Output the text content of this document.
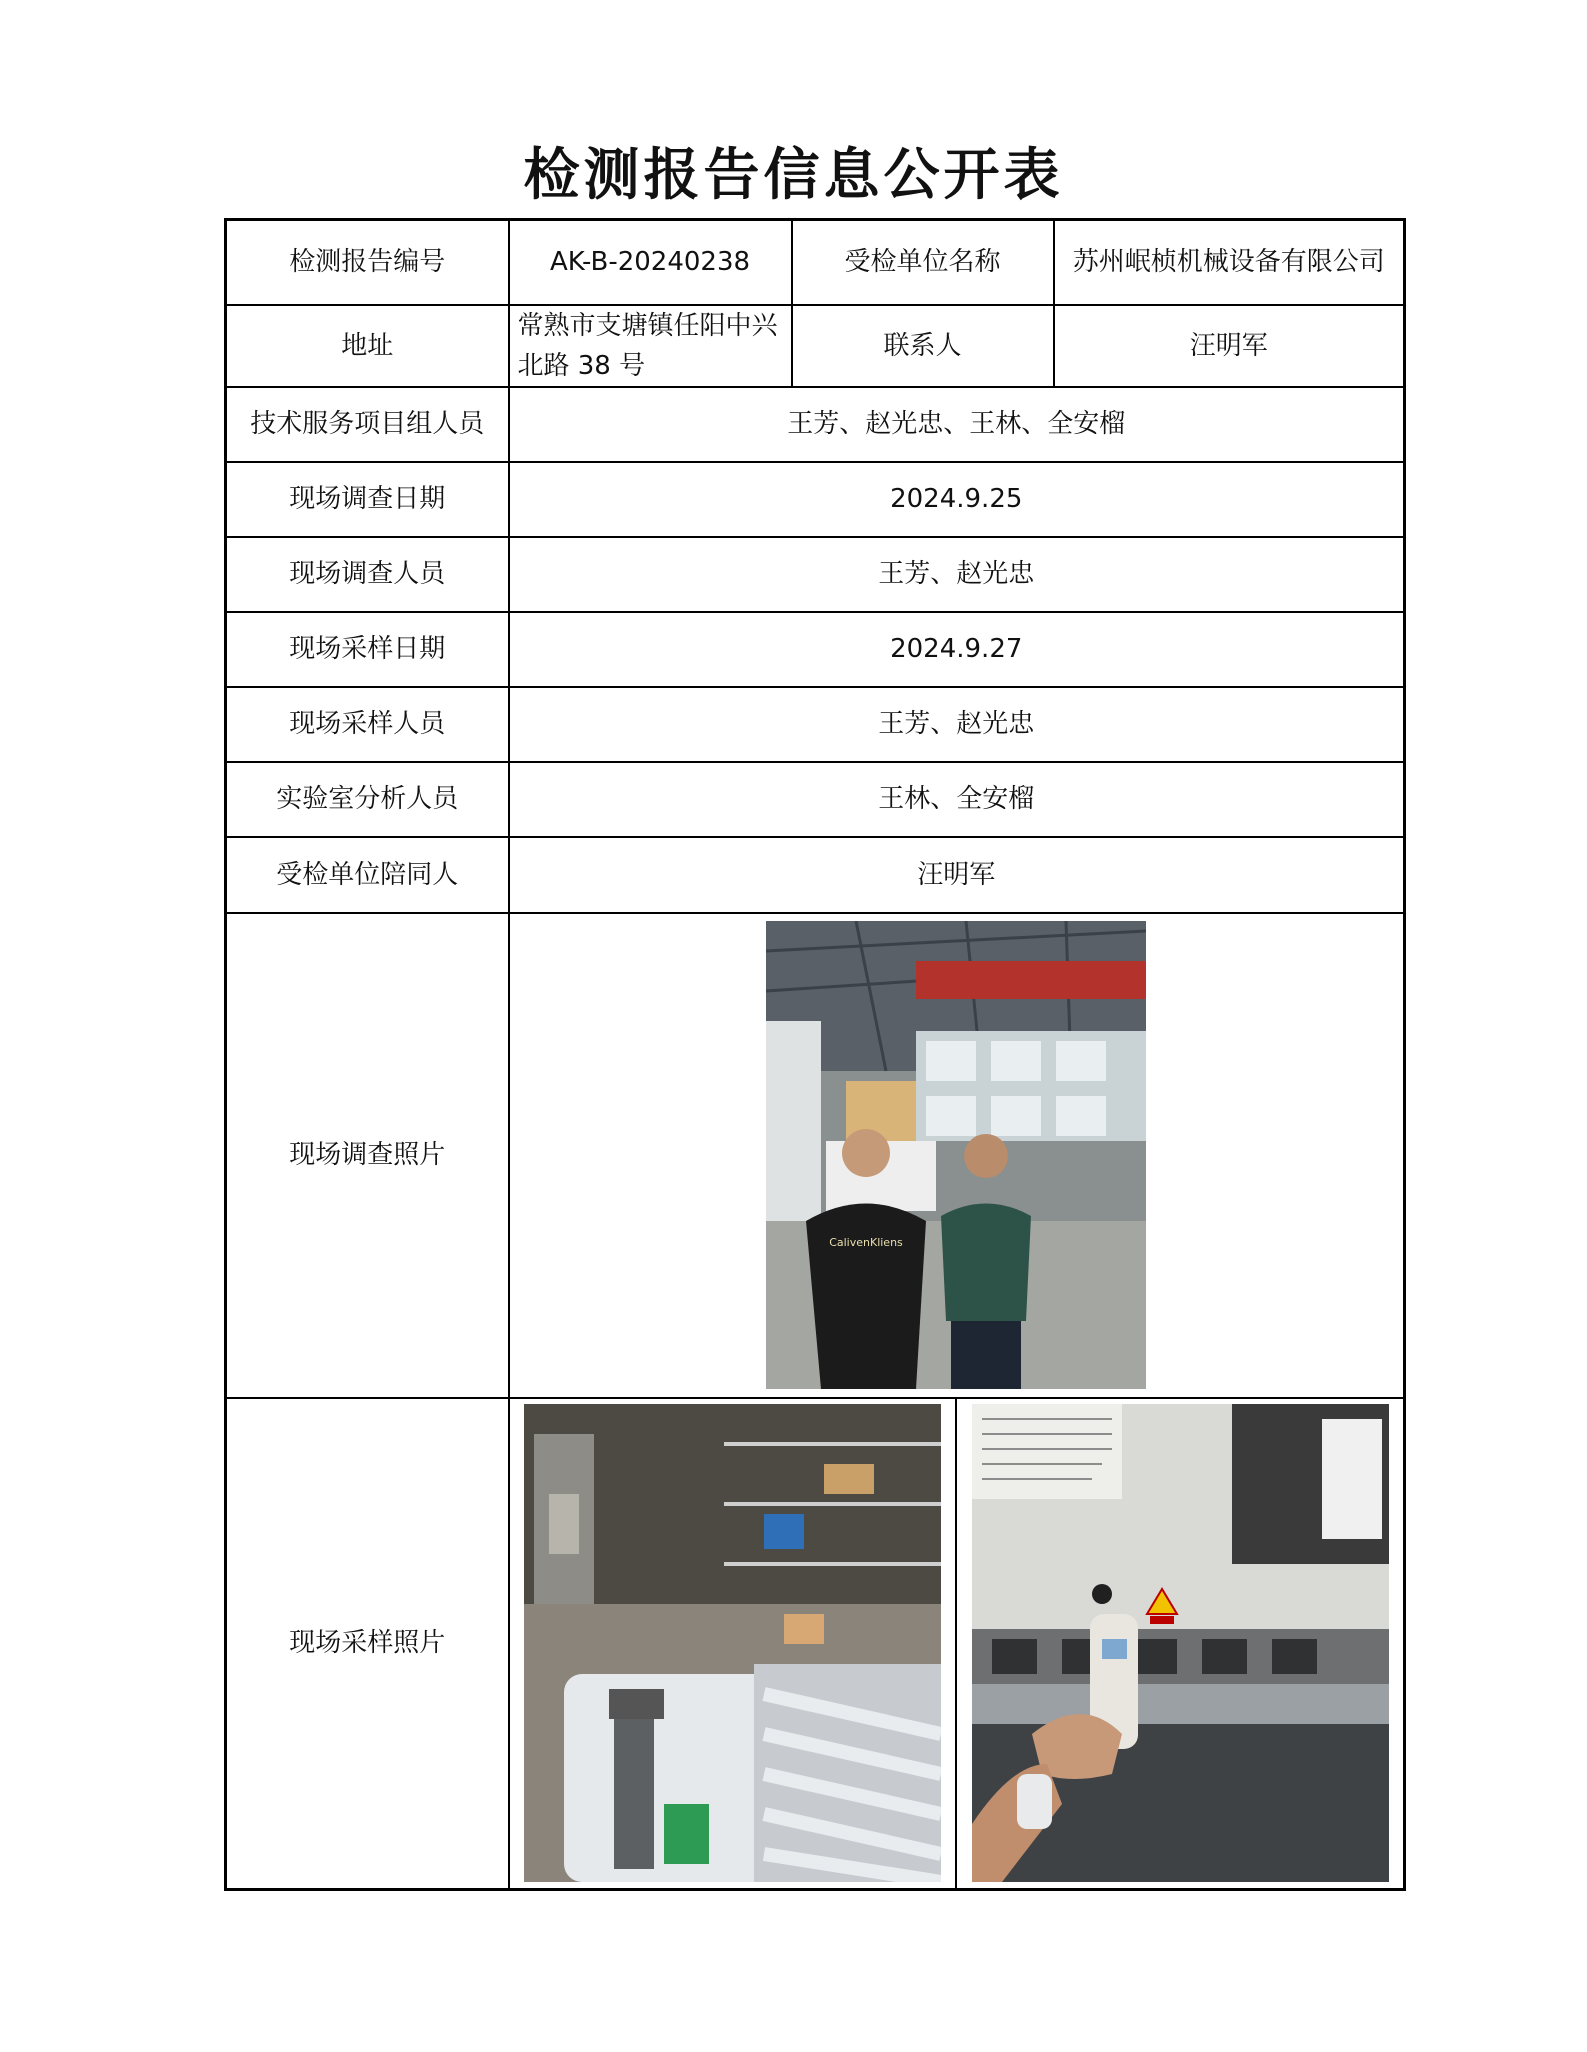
检测报告信息公开表
检测报告编号	AK-B-20240238	受检单位名称	苏州岷桢机械设备有限公司
地址	常熟市支塘镇任阳中兴北路 38 号	联系人	汪明军
技术服务项目组人员	王芳、赵光忠、王林、全安榴		
现场调查日期	2024.9.25		
现场调查人员	王芳、赵光忠		
现场采样日期	2024.9.27		
现场采样人员	王芳、赵光忠		
实验室分析人员	王林、全安榴		
受检单位陪同人	汪明军		
现场调查照片	CalivenKliens		

现场采样照片	
